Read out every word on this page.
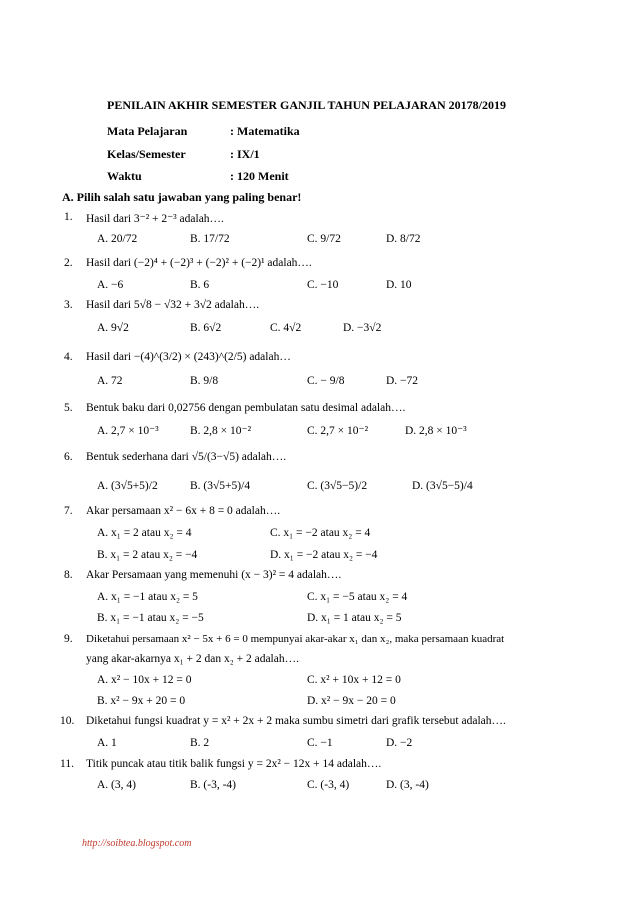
PENILAIN AKHIR SEMESTER GANJIL TAHUN PELAJARAN 20178/2019
Mata Pelajaran	: Matematika
Kelas/Semester	: IX/1
Waktu	: 120 Menit
A. Pilih salah satu jawaban yang paling benar!
1. Hasil dari 3⁻² + 2⁻³ adalah….
A. 20/72	B. 17/72	C. 9/72	D. 8/72
2. Hasil dari (−2)⁴ + (−2)³ + (−2)² + (−2)¹ adalah….
A. −6	B. 6	C. −10	D. 10
3. Hasil dari 5√8 − √32 + 3√2 adalah….
A. 9√2	B. 6√2	C. 4√2	D. −3√2
4. Hasil dari −(4)^(3/2) × (243)^(2/5) adalah…
A. 72	B. 9/8	C. − 9/8	D. −72
5. Bentuk baku dari 0,02756 dengan pembulatan satu desimal adalah….
A. 2,7 × 10⁻³	B. 2,8 × 10⁻²	C. 2,7 × 10⁻²	D. 2,8 × 10⁻³
6. Bentuk sederhana dari √5/(3−√5) adalah….
A. (3√5+5)/2	B. (3√5+5)/4	C. (3√5−5)/2	D. (3√5−5)/4
7. Akar persamaan x² − 6x + 8 = 0 adalah….
A. x₁ = 2 atau x₂ = 4	C. x₁ = −2 atau x₂ = 4
B. x₁ = 2 atau x₂ = −4	D. x₁ = −2 atau x₂ = −4
8. Akar Persamaan yang memenuhi (x − 3)² = 4 adalah….
A. x₁ = −1 atau x₂ = 5	C. x₁ = −5 atau x₂ = 4
B. x₁ = −1 atau x₂ = −5	D. x₁ = 1 atau x₂ = 5
9. Diketahui persamaan x² − 5x + 6 = 0 mempunyai akar-akar x₁ dan x₂, maka persamaan kuadrat
yang akar-akarnya x₁ + 2 dan x₂ + 2 adalah….
A. x² − 10x + 12 = 0	C. x² + 10x + 12 = 0
B. x² − 9x + 20 = 0	D. x² − 9x − 20 = 0
10. Diketahui fungsi kuadrat y = x² + 2x + 2 maka sumbu simetri dari grafik tersebut adalah….
A. 1	B. 2	C. −1	D. −2
11. Titik puncak atau titik balik fungsi y = 2x² − 12x + 14 adalah….
A. (3, 4)	B. (-3, -4)	C. (-3, 4)	D. (3, -4)
http://soibtea.blogspot.com
